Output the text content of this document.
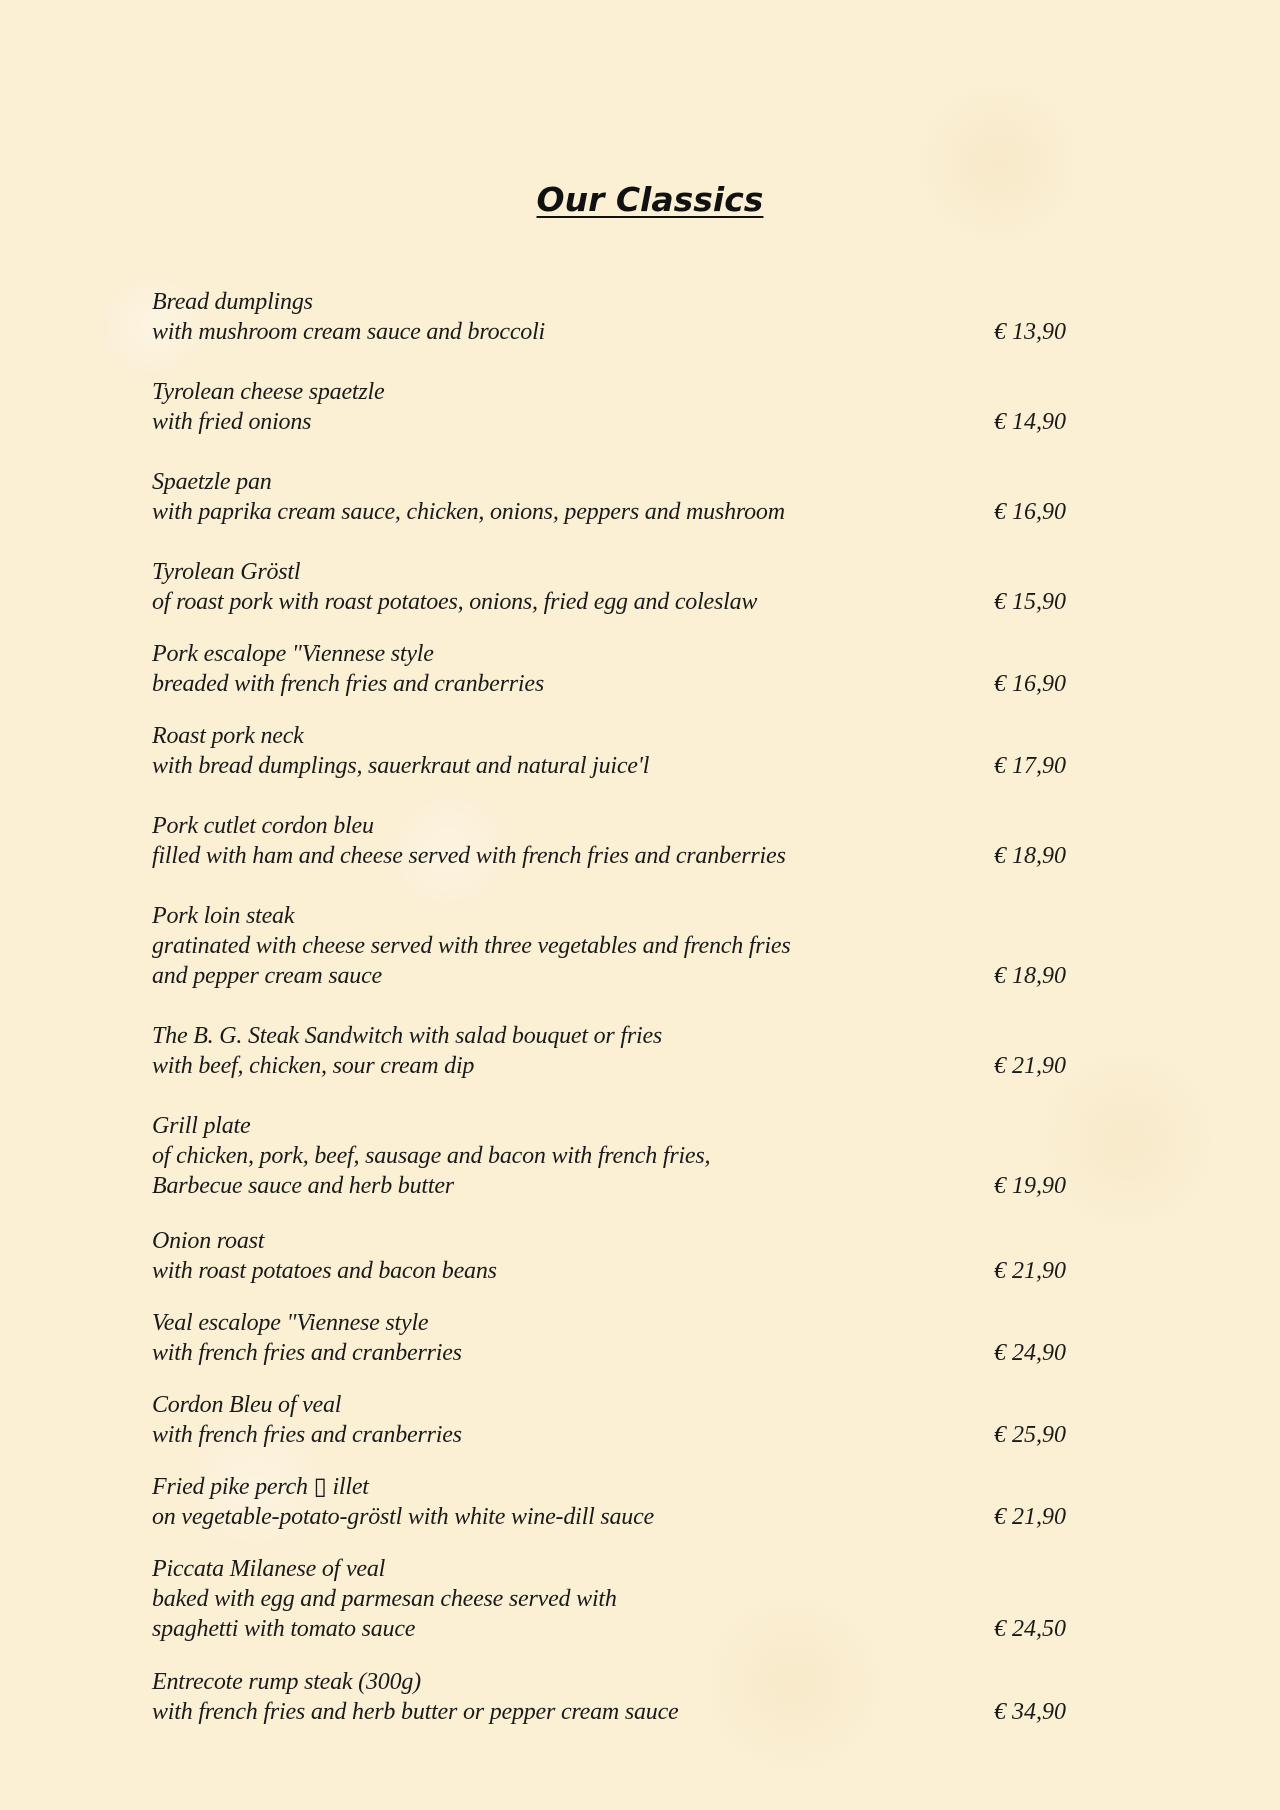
Our Classics
Bread dumplings
with mushroom cream sauce and broccoli	€ 13,90
Tyrolean cheese spaetzle
with fried onions	€ 14,90
Spaetzle pan
with paprika cream sauce, chicken, onions, peppers and mushroom	€ 16,90
Tyrolean Gröstl
of roast pork with roast potatoes, onions, fried egg and coleslaw	€ 15,90
Pork escalope "Viennese style
breaded with french fries and cranberries	€ 16,90
Roast pork neck
with bread dumplings, sauerkraut and natural juice'l	€ 17,90
Pork cutlet cordon bleu
filled with ham and cheese served with french fries and cranberries	€ 18,90
Pork loin steak
gratinated with cheese served with three vegetables and french fries
and pepper cream sauce	€ 18,90
The B. G. Steak Sandwitch with salad bouquet or fries
with beef, chicken, sour cream dip	€ 21,90
Grill plate
of chicken, pork, beef, sausage and bacon with french fries,
Barbecue sauce and herb butter	€ 19,90
Onion roast
with roast potatoes and bacon beans	€ 21,90
Veal escalope "Viennese style
with french fries and cranberries	€ 24,90
Cordon Bleu of veal
with french fries and cranberries	€ 25,90
Fried pike perch ▯ illet
on vegetable-potato-gröstl with white wine-dill sauce	€ 21,90
Piccata Milanese of veal
baked with egg and parmesan cheese served with
spaghetti with tomato sauce	€ 24,50
Entrecote rump steak (300g)
with french fries and herb butter or pepper cream sauce	€ 34,90
